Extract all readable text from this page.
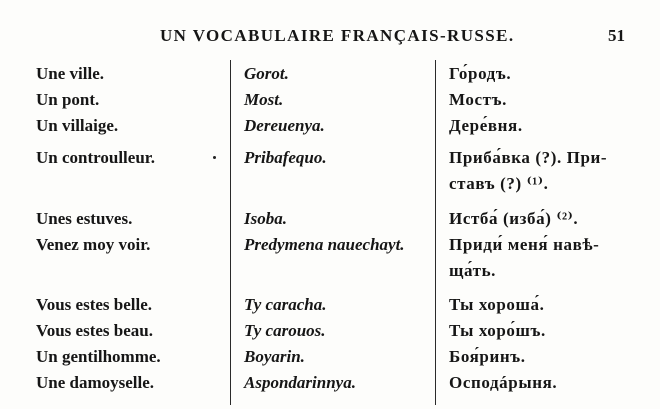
UN VOCABULAIRE FRANÇAIS-RUSSE.	51
Une ville.	Gorot.	Го́родъ.
Un pont.	Most.	Мостъ.
Un villaige.	Dereuenya.	Дере́вня.
Un controulleur.	Pribafequo.	Приба́вка (?). При-
ставъ (?) ⁽¹⁾.
Unes estuves.	Isoba.	Истба́ (изба́) ⁽²⁾.
Venez moy voir.	Predymena nauechayt.	Приди́ меня́ навѣ-
ща́ть.
Vous estes belle.	Ty caracha.	Ты хороша́.
Vous estes beau.	Ty carouos.	Ты хоро́шъ.
Un gentilhomme.	Boyarin.	Боя́ринъ.
Une damoyselle.	Aspondarinnya.	Осподáрыня.
